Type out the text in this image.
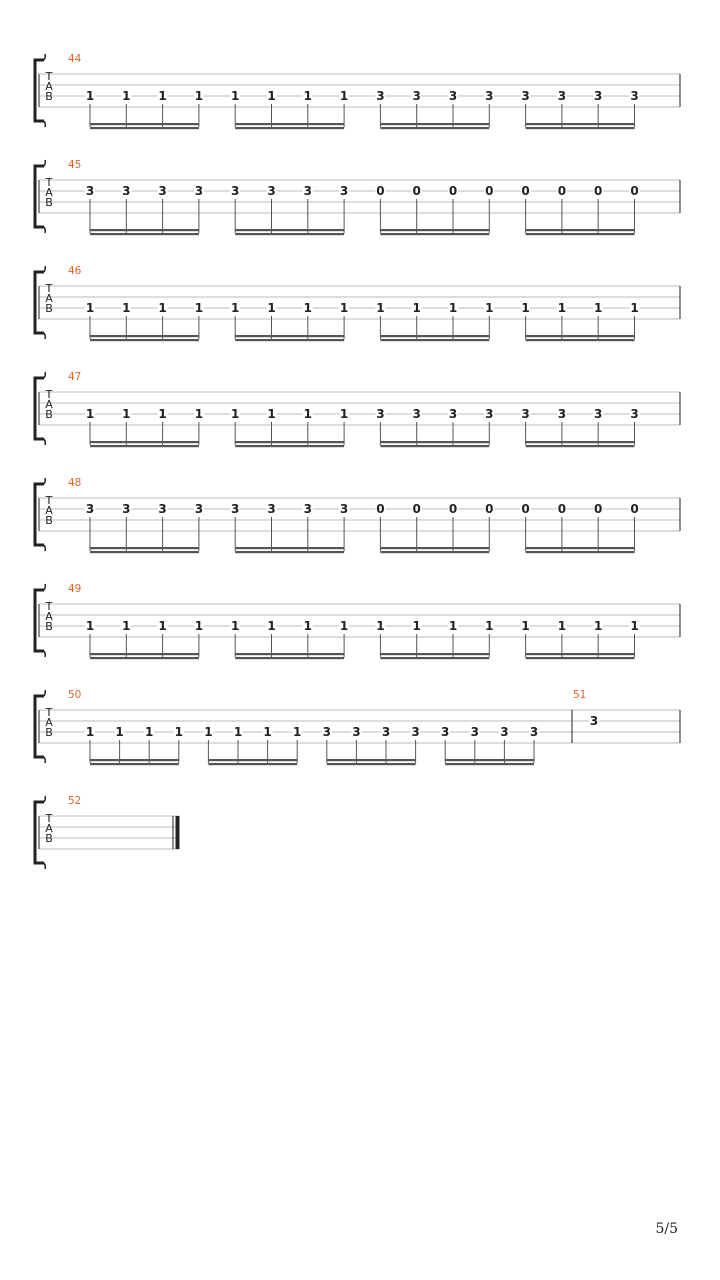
T
A
B
44
1 1 1 1 1 1 1 1 3 3 3 3 3 3 3 3
T
A
B
45
3 3 3 3 3 3 3 3 0 0 0 0 0 0 0 0
T
A
B
46
1 1 1 1 1 1 1 1 1 1 1 1 1 1 1 1
T
A
B
47
1 1 1 1 1 1 1 1 3 3 3 3 3 3 3 3
T
A
B
48
3 3 3 3 3 3 3 3 0 0 0 0 0 0 0 0
T
A
B
49
1 1 1 1 1 1 1 1 1 1 1 1 1 1 1 1
T
A
B
50
1 1 1 1 1 1 1 1 3 3 3 3 3 3 3 3
51
3
T
A
B
52
5/5
